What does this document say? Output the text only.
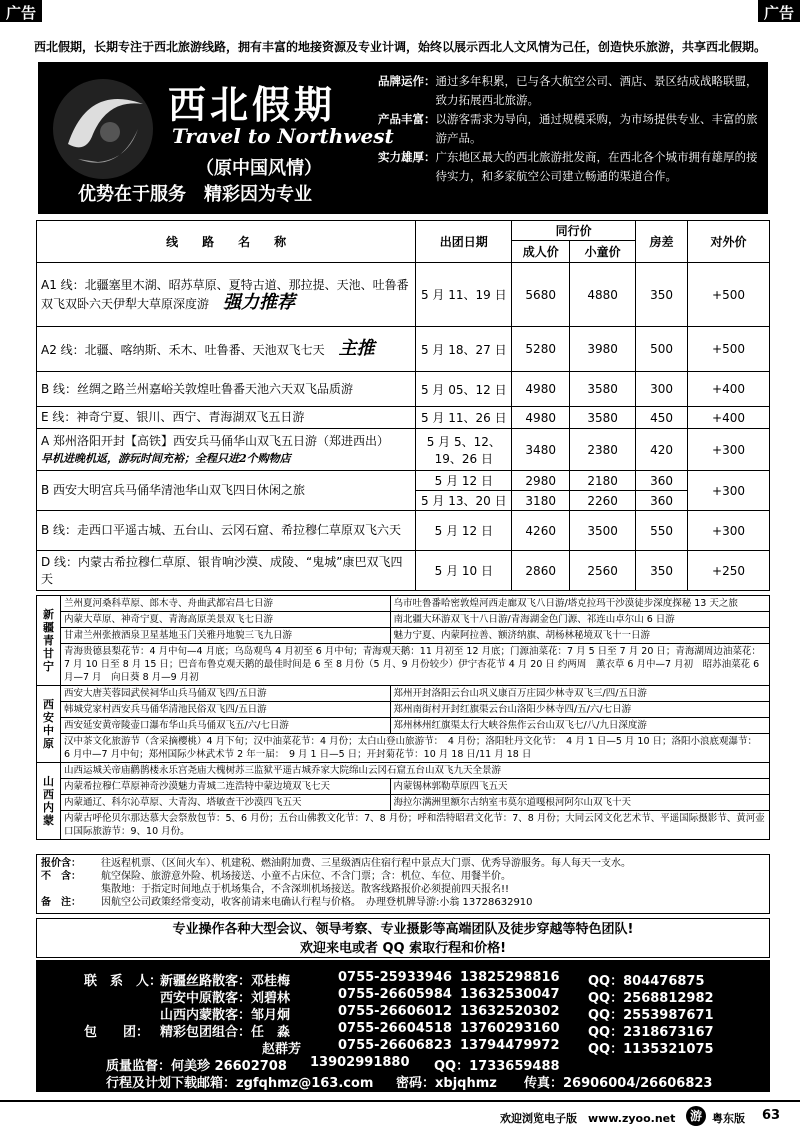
广告	广告
西北假期，长期专注于西北旅游线路，拥有丰富的地接资源及专业计调，始终以展示西北人文风情为己任，创造快乐旅游，共享西北假期。
西北假期
Travel to Northwest
（原中国风情）
优势在于服务　精彩因为专业
品牌运作： 通过多年积累，已与各大航空公司、酒店、景区结成战略联盟，致力拓展西北旅游。
产品丰富： 以游客需求为导向，通过规模采购，为市场提供专业、丰富的旅游产品。
实力雄厚： 广东地区最大的西北旅游批发商，在西北各个城市拥有雄厚的接待实力，和多家航空公司建立畅通的渠道合作。
线　　路　　名　　称	出团日期	同行价		房差	对外价
		成人价	小童价		
A1 线：北疆塞里木湖、昭苏草原、夏特古道、那拉提、天池、吐鲁番双飞双卧六天伊犁大草原深度游 强力推荐	5 月 11、19 日	5680	4880	350	+500
A2 线：北疆、喀纳斯、禾木、吐鲁番、天池双飞七天 主推	5 月 18、27 日	5280	3980	500	+500
B 线：丝绸之路兰州嘉峪关敦煌吐鲁番天池六天双飞品质游	5 月 05、12 日	4980	3580	300	+400
E 线：神奇宁夏、银川、西宁、青海湖双飞五日游	5 月 11、26 日	4980	3580	450	+400
A 郑州洛阳开封【高铁】西安兵马俑华山双飞五日游（郑进西出）
早机进晚机返，游玩时间充裕；全程只进2个购物店	5 月 5、12、19、26 日	3480	2380	420	+300
B 西安大明宫兵马俑华清池华山双飞四日休闲之旅	5 月 12 日	2980	2180	360	+300
	5 月 13、20 日	3180	2260	360	
B 线：走西口平遥古城、五台山、云冈石窟、希拉穆仁草原双飞六天	5 月 12 日	4260	3500	550	+300
D 线：内蒙古希拉穆仁草原、银肯响沙漠、成陵、“鬼城”康巴双飞四天	5 月 10 日	2860	2560	350	+250
新疆青甘宁	兰州夏河桑科草原、郎木寺、舟曲武都宕昌七日游	乌市吐鲁番哈密敦煌河西走廊双飞八日游/塔克拉玛干沙漠徒步深度探秘 13 天之旅
	内蒙大草原、神奇宁夏、青海高原美景双飞七日游	南北疆大环游双飞十八日游/青海湖金色门源、祁连山卓尔山 6 日游
	甘肃兰州张掖酒泉卫星基地玉门关雅丹地貌三飞九日游	魅力宁夏、内蒙阿拉善、额济纳旗、胡杨林秘境双飞十一日游
	青海贵德县梨花节：4 月中旬—4 月底；乌岛观鸟 4 月初至 6 月中旬；青海观天鹅：11 月初至 12 月底；门源油菜花：7 月 5 日至 7 月 20 日；青海湖周边油菜花：7 月 10 日至 8 月 15 日；巴音布鲁克观天鹅的最佳时间是 6 至 8 月份（5 月、9 月份较少）伊宁杏花节 4 月 20 日 约两周　薰衣草 6 月中—7 月初　昭苏油菜花 6 月—7 月　向日葵 8 月—9 月初	
西安中原	西安大唐芙蓉园武侯祠华山兵马俑双飞四/五日游	郑州开封洛阳云台山巩义康百万庄园少林寺双飞三/四/五日游
	韩城党家村西安兵马俑华清池民俗双飞四/五日游	郑州南街村开封红旗渠云台山洛阳少林寺四/五/六/七日游
	西安延安黄帝陵壶口瀑布华山兵马俑双飞五/六/七日游	郑州林州红旗渠太行大峡谷焦作云台山双飞七/八/九日深度游
	汉中茶文化旅游节（含采摘樱桃）4 月下旬；汉中油菜花节：4 月份；太白山登山旅游节：　4 月份；洛阳牡丹文化节：　4 月 1 日—5 月 10 日；洛阳小浪底观瀑节：　6 月中—7 月中旬；郑州国际少林武术节 2 年一届：　9 月 1 日—5 日；开封菊花节：10 月 18 日/11 月 18 日	
山西内蒙	山西运城关帝庙鹳鹊楼永乐宫尧庙大槐树苏三监狱平遥古城乔家大院绵山云冈石窟五台山双飞九天全景游	
	内蒙希拉穆仁草原神奇沙漠魅力青城二连浩特中蒙边境双飞七天	内蒙锡林郭勒草原四飞五天
	内蒙通辽、科尔沁草原、大青沟、塔敏查干沙漠四飞五天	海拉尔满洲里额尔古纳室韦莫尔道嘎根河阿尔山双飞十天
	内蒙古呼伦贝尔那达慕大会祭敖包节：5、6 月份；五台山佛教文化节：7、8 月份；呼和浩特昭君文化节：7、8 月份；大同云冈文化艺术节、平遥国际摄影节、黄河壶口国际旅游节：9、10 月份。	
报价含：	往返程机票、（区间火车）、机建税、燃油附加费、三星级酒店住宿行程中景点大门票、优秀导游服务。每人每天一支水。
不　含：	航空保险、旅游意外险、机场接送、小童不占床位、不含门票；含：机位、车位、用餐半价。
集散地：于指定时间地点于机场集合，不含深圳机场接送。散客线路报价必须提前四天报名!!
备　注：	因航空公司政策经常变动，收客前请来电确认行程与价格。　办理登机牌导游:小翁 13728632910
专业操作各种大型会议、领导考察、专业摄影等高端团队及徒步穿越等特色团队!
欢迎来电或者 QQ 索取行程和价格!
联　系　人：
新疆丝路散客：邓桂梅	0755-25933946 13825298816 QQ：804476875
西安中原散客：刘碧林	0755-26605984 13632530047 QQ：2568812982
山西内蒙散客：邹月炯	0755-26606012 13632520302 QQ：2553987671
包　　团： 精彩包团组合：任　淼	0755-26604518 13760293160 QQ：2318673167
赵群芳	0755-26606823 13794479972 QQ：1135321075
质量监督：何美珍 26602708 13902991880 QQ：1733659488
行程及计划下载邮箱：zgfqhmz@163.com 密码：xbjqhmz 传真：26906004/26606823
欢迎浏览电子版　www.zyoo.net	游 粤东版 63
